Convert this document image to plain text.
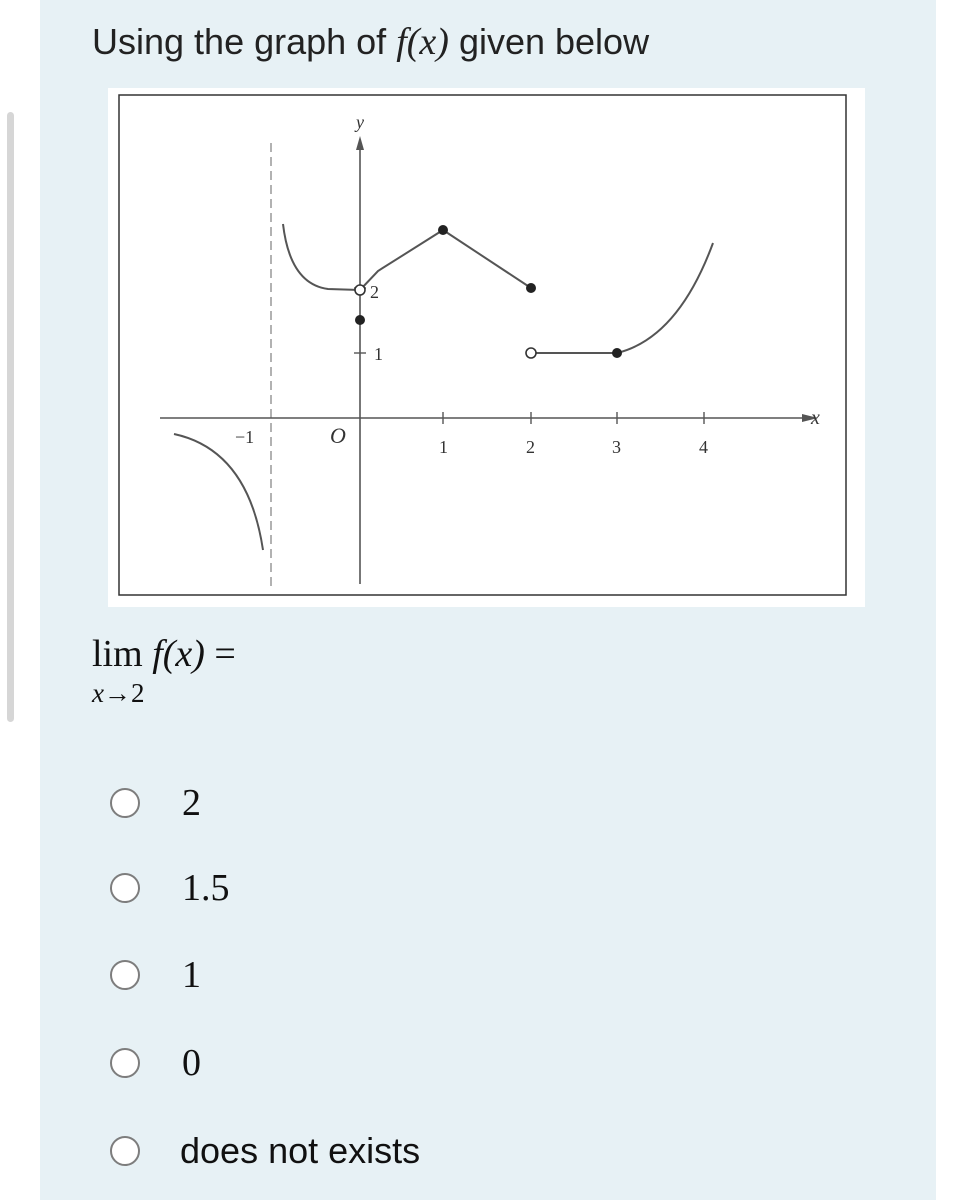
Using the graph of f(x) given below
y
x
O
−1	1	2	3	4
1
2
lim f(x) =
x→2
2
1.5
1
0
does not exists
